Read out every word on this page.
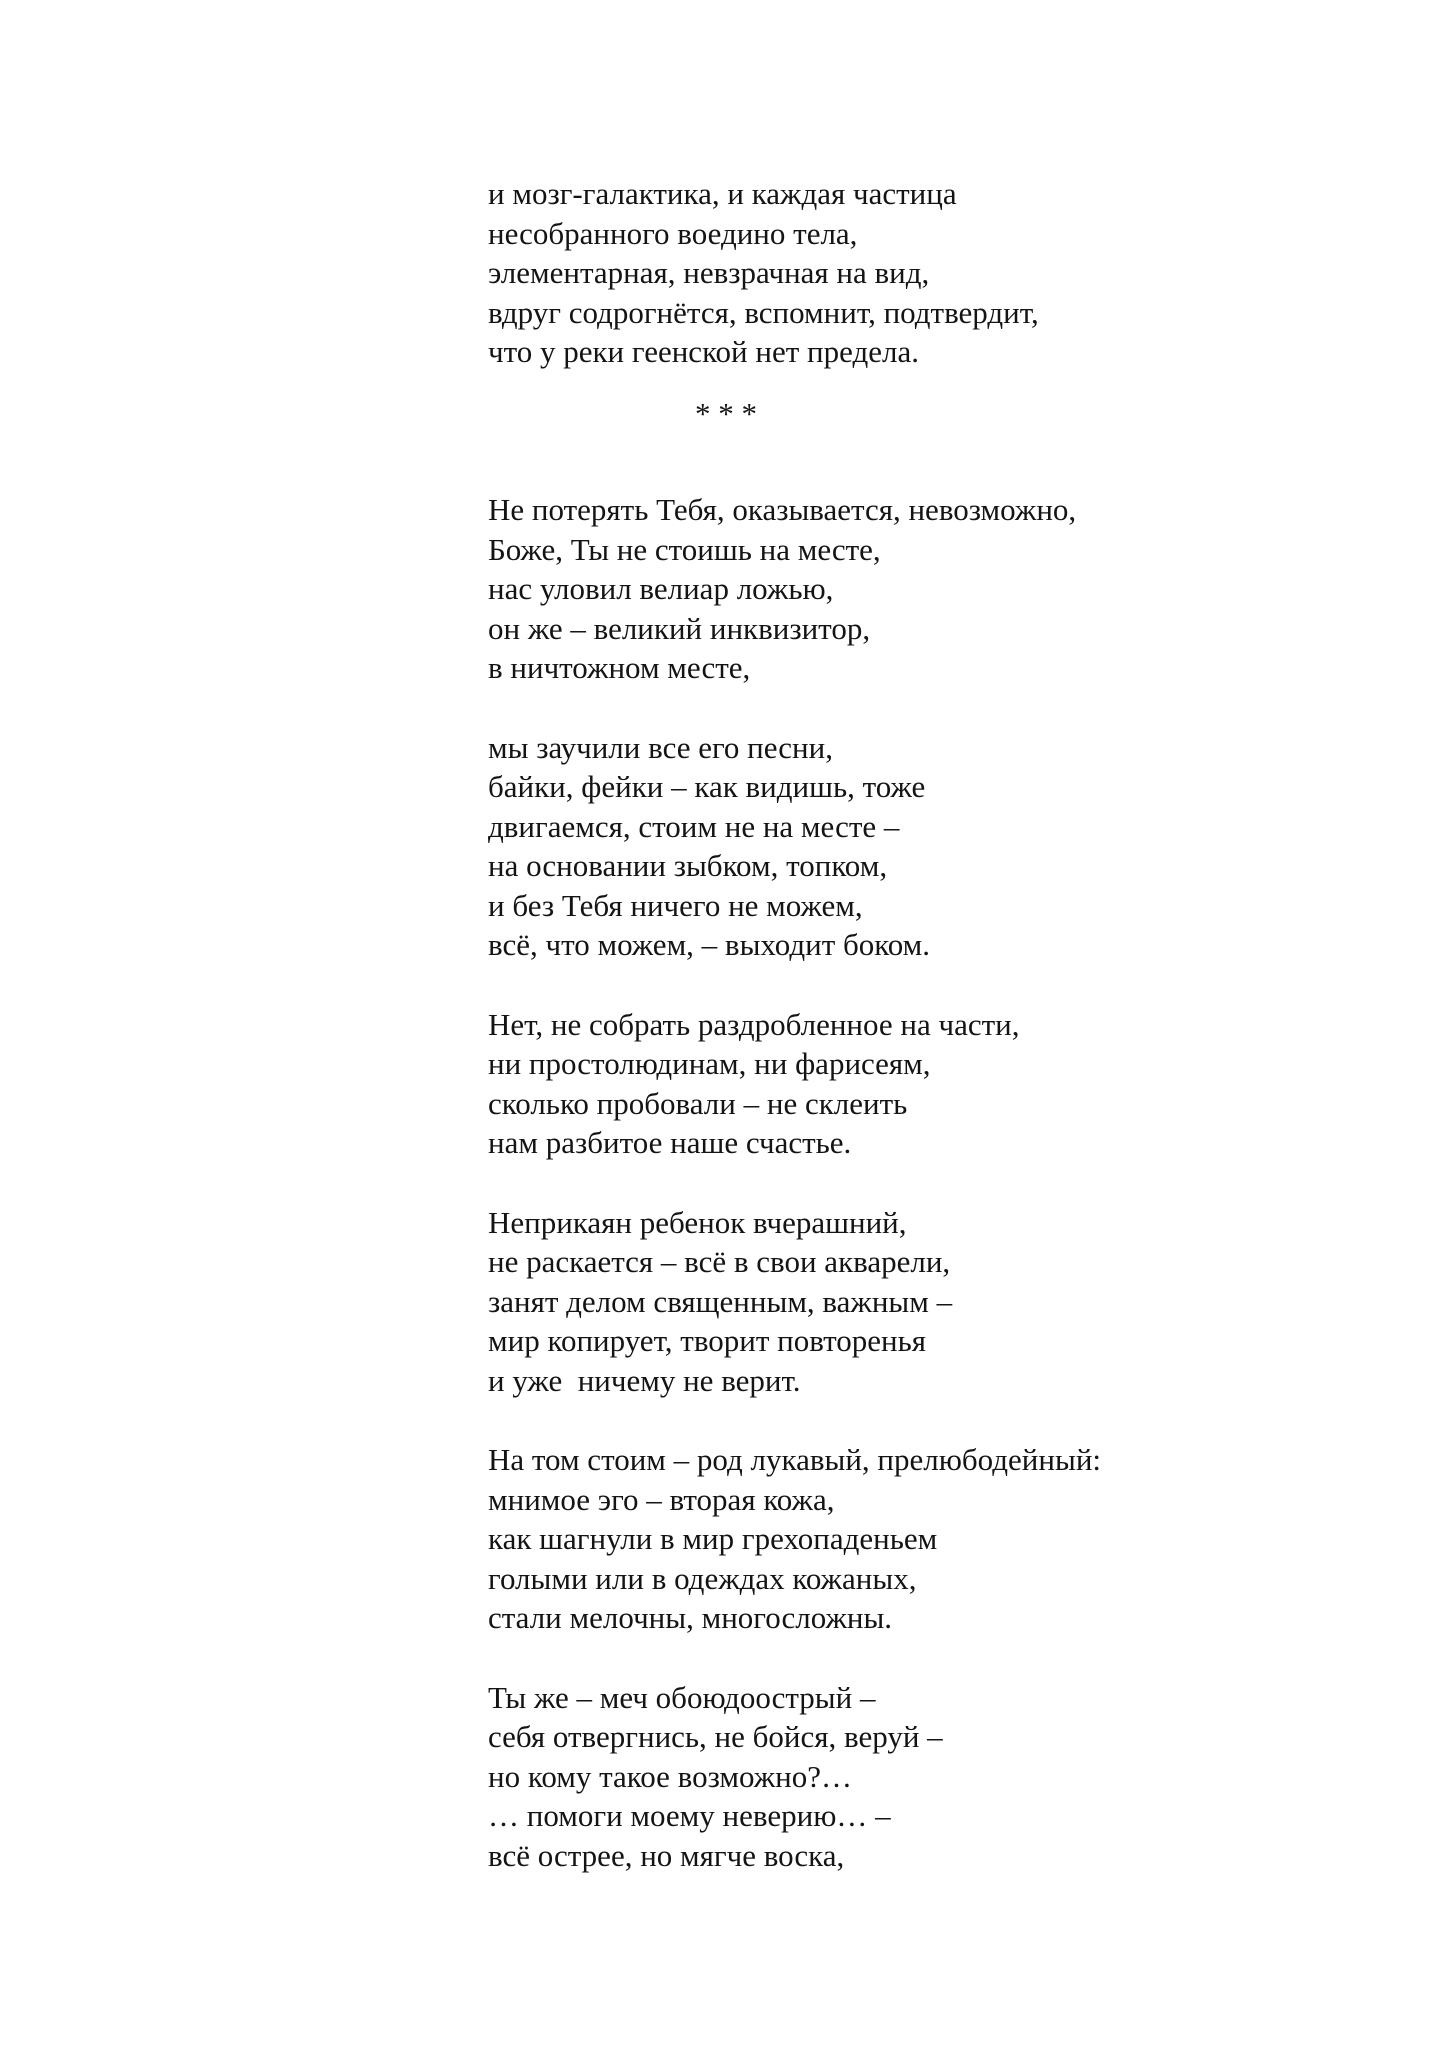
и мозг-галактика, и каждая частица
несобранного воедино тела,
элементарная, невзрачная на вид,
вдруг содрогнётся, вспомнит, подтвердит,
что у реки геенской нет предела.
* * *
Не потерять Тебя, оказывается, невозможно,
Боже, Ты не стоишь на месте,
нас уловил велиар ложью,
он же – великий инквизитор,
в ничтожном месте,
мы заучили все его песни,
байки, фейки – как видишь, тоже
двигаемся, стоим не на месте –
на основании зыбком, топком,
и без Тебя ничего не можем,
всё, что можем, – выходит боком.
Нет, не собрать раздробленное на части,
ни простолюдинам, ни фарисеям,
сколько пробовали – не склеить
нам разбитое наше счастье.
Неприкаян ребенок вчерашний,
не раскается – всё в свои акварели,
занят делом священным, важным –
мир копирует, творит повторенья
и уже  ничему не верит.
На том стоим – род лукавый, прелюбодейный:
мнимое эго – вторая кожа,
как шагнули в мир грехопаденьем
голыми или в одеждах кожаных,
стали мелочны, многосложны.
Ты же – меч обоюдоострый –
себя отвергнись, не бойся, веруй –
но кому такое возможно?…
… помоги моему неверию… –
всё острее, но мягче воска,
